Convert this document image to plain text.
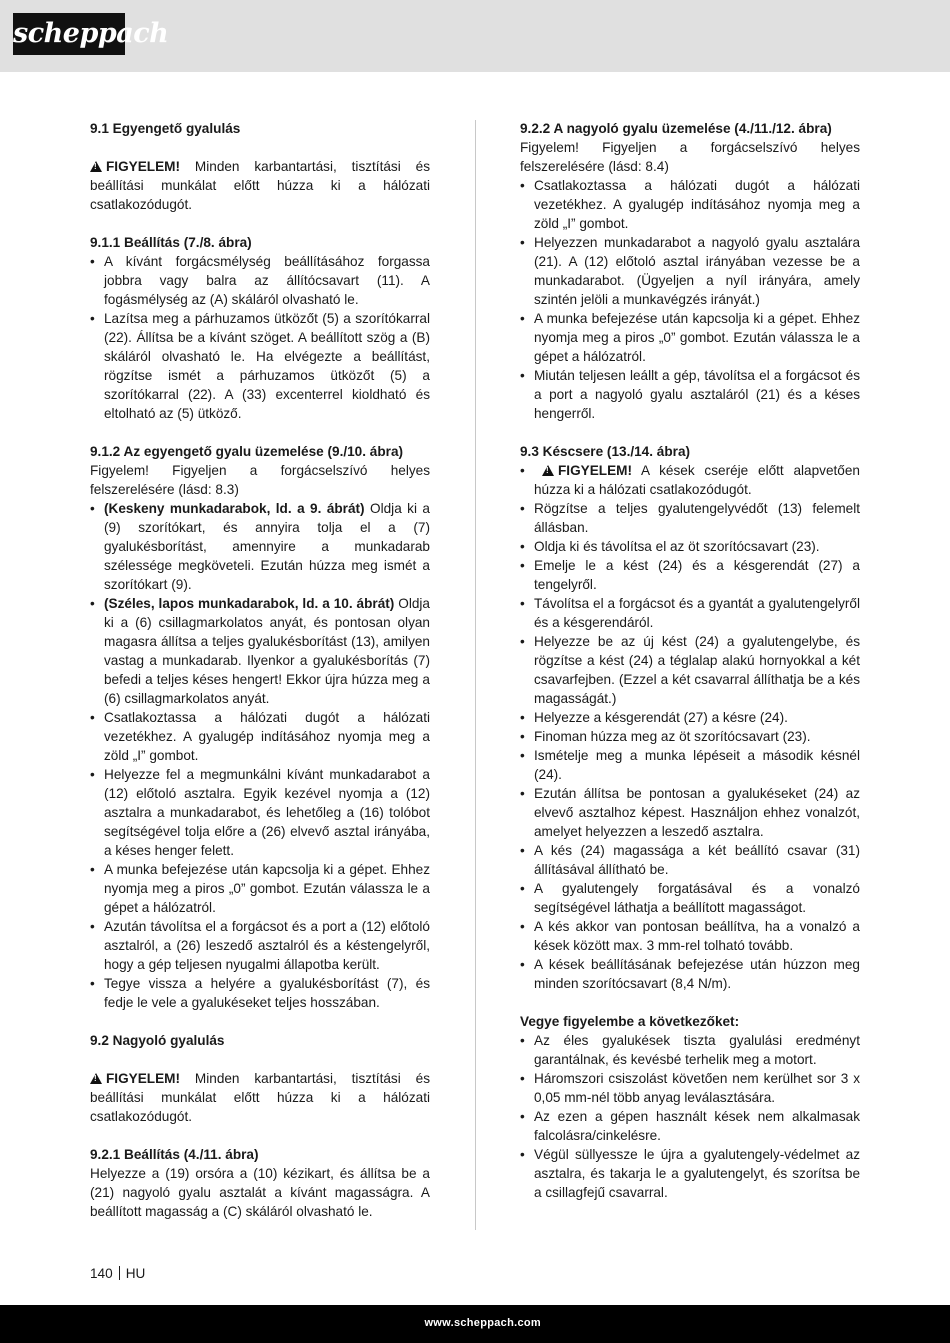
scheppach
9.1 Egyengető gyalulás

!FIGYELEM! Minden karbantartási, tisztítási és beállítási munkálat előtt húzza ki a hálózati csatlakozódugót.

9.1.1 Beállítás (7./8. ábra)
• A kívánt forgácsmélység beállításához forgassa jobbra vagy balra az állítócsavart (11). A fogásmélység az (A) skáláról olvasható le.
• Lazítsa meg a párhuzamos ütközőt (5) a szorítókarral (22). Állítsa be a kívánt szöget. A beállított szög a (B) skáláról olvasható le. Ha elvégezte a beállítást, rögzítse ismét a párhuzamos ütközőt (5) a szorítókarral (22). A (33) excenterrel kioldható és eltolható az (5) ütköző.
9.1.2 Az egyengető gyalu üzemelése (9./10. ábra)

Figyelem! Figyeljen a forgácselszívó helyes felszerelésére (lásd: 8.3)

• (Keskeny munkadarabok, ld. a 9. ábrát) Oldja ki a (9) szorítókart, és annyira tolja el a (7) gyalukésborítást, amennyire a munkadarab szélessége megköveteli. Ezután húzza meg ismét a szorítókart (9).
• (Széles, lapos munkadarabok, ld. a 10. ábrát) Oldja ki a (6) csillagmarkolatos anyát, és pontosan olyan magasra állítsa a teljes gyalukésborítást (13), amilyen vastag a munkadarab. Ilyenkor a gyalukésborítás (7) befedi a teljes késes hengert! Ekkor újra húzza meg a (6) csillagmarkolatos anyát.
• Csatlakoztassa a hálózati dugót a hálózati vezetékhez. A gyalugép indításához nyomja meg a zöld „I” gombot.
• Helyezze fel a megmunkálni kívánt munkadarabot a (12) előtoló asztalra. Egyik kezével nyomja a (12) asztalra a munkadarabot, és lehetőleg a (16) tolóbot segítségével tolja előre a (26) elvevő asztal irányába, a késes henger felett.
• A munka befejezése után kapcsolja ki a gépet. Ehhez nyomja meg a piros „0” gombot. Ezután válassza le a gépet a hálózatról.
• Azután távolítsa el a forgácsot és a port a (12) előtoló asztalról, a (26) leszedő asztalról és a késtengelyről, hogy a gép teljesen nyugalmi állapotba került.
• Tegye vissza a helyére a gyalukésborítást (7), és fedje le vele a gyalukéseket teljes hosszában.
9.2 Nagyoló gyalulás

!FIGYELEM! Minden karbantartási, tisztítási és beállítási munkálat előtt húzza ki a hálózati csatlakozódugót.

9.2.1 Beállítás (4./11. ábra)

Helyezze a (19) orsóra a (10) kézikart, és állítsa be a (21) nagyoló gyalu asztalát a kívánt magasságra. A beállított magasság a (C) skáláról olvasható le.

9.2.2 A nagyoló gyalu üzemelése (4./11./12. ábra)

Figyelem! Figyeljen a forgácselszívó helyes felszerelésére (lásd: 8.4)

• Csatlakoztassa a hálózati dugót a hálózati vezetékhez. A gyalugép indításához nyomja meg a zöld „I” gombot.
• Helyezzen munkadarabot a nagyoló gyalu asztalára (21). A (12) előtoló asztal irányában vezesse be a munkadarabot. (Ügyeljen a nyíl irányára, amely szintén jelöli a munkavégzés irányát.)
• A munka befejezése után kapcsolja ki a gépet. Ehhez nyomja meg a piros „0” gombot. Ezután válassza le a gépet a hálózatról.
• Miután teljesen leállt a gép, távolítsa el a forgácsot és a port a nagyoló gyalu asztaláról (21) és a késes hengerről.
9.3 Késcsere (13./14. ábra)
!• FIGYELEM! A kések cseréje előtt alapvetően húzza ki a hálózati csatlakozódugót.
• Rögzítse a teljes gyalutengelyvédőt (13) felemelt állásban.
• Oldja ki és távolítsa el az öt szorítócsavart (23).
• Emelje le a kést (24) és a késgerendát (27) a tengelyről.
• Távolítsa el a forgácsot és a gyantát a gyalutengelyről és a késgerendáról.
• Helyezze be az új kést (24) a gyalutengelybe, és rögzítse a kést (24) a téglalap alakú hornyokkal a két csavarfejben. (Ezzel a két csavarral állíthatja be a kés magasságát.)
• Helyezze a késgerendát (27) a késre (24).
• Finoman húzza meg az öt szorítócsavart (23).
• Ismételje meg a munka lépéseit a második késnél (24).
• Ezután állítsa be pontosan a gyalukéseket (24) az elvevő asztalhoz képest. Használjon ehhez vonalzót, amelyet helyezzen a leszedő asztalra.
• A kés (24) magassága a két beállító csavar (31) állításával állítható be.
• A gyalutengely forgatásával és a vonalzó segítségével láthatja a beállított magasságot.
• A kés akkor van pontosan beállítva, ha a vonalzó a kések között max. 3 mm-rel tolható tovább.
• A kések beállításának befejezése után húzzon meg minden szorítócsavart (8,4 N/m).
Vegye figyelembe a következőket:
• Az éles gyalukések tiszta gyalulási eredményt garantálnak, és kevésbé terhelik meg a motort.
• Háromszori csiszolást követően nem kerülhet sor 3 x 0,05 mm-nél több anyag leválasztására.
• Az ezen a gépen használt kések nem alkalmasak falcolásra/cinkelésre.
• Végül süllyessze le újra a gyalutengely-védelmet az asztalra, és takarja le a gyalutengelyt, és szorítsa be a csillagfejű csavarral.
140 HU
www.scheppach.com
